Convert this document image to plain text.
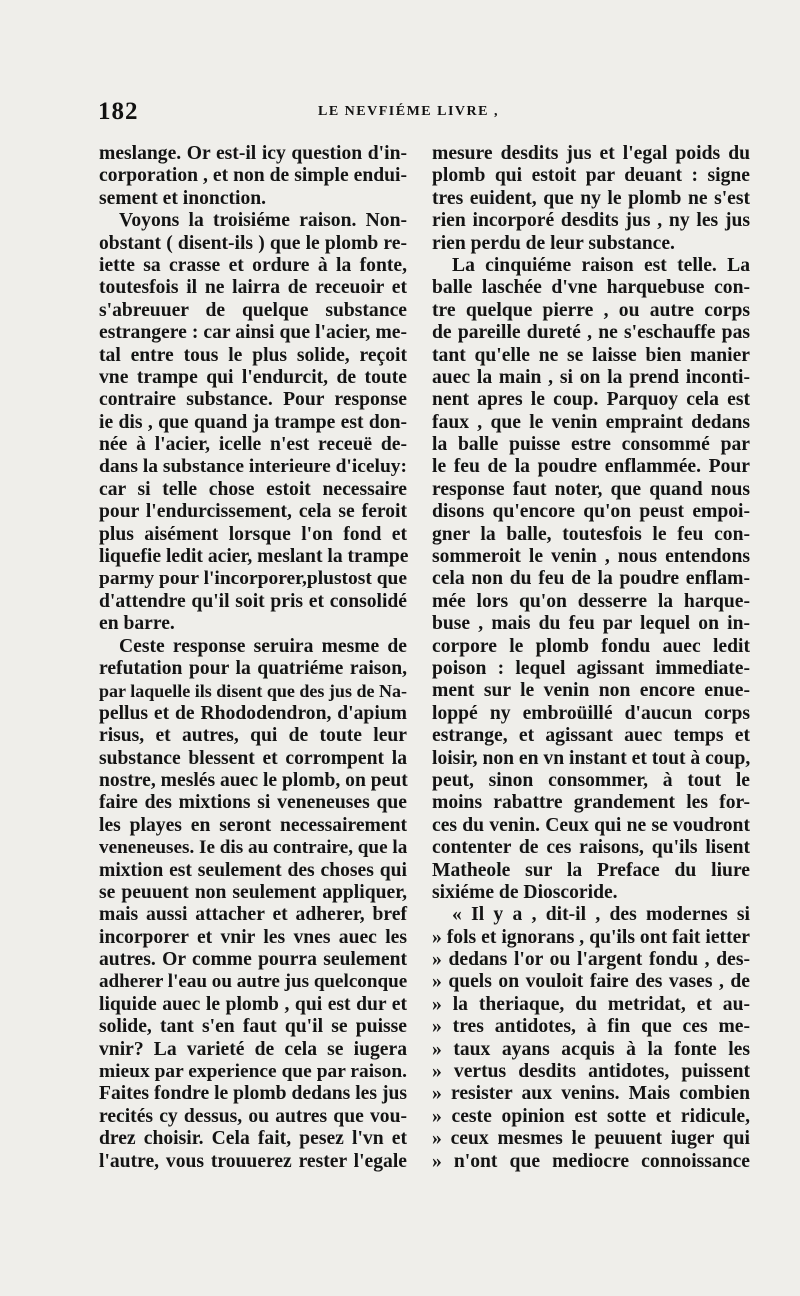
182	LE NEVFIÉME LIVRE ,
meslange. Or est-il icy question d'in-
corporation , et non de simple endui-
sement et inonction.
Voyons la troisiéme raison. Non-
obstant ( disent-ils ) que le plomb re-
iette sa crasse et ordure à la fonte,
toutesfois il ne lairra de receuoir et
s'abreuuer de quelque substance
estrangere : car ainsi que l'acier, me-
tal entre tous le plus solide, reçoit
vne trampe qui l'endurcit, de toute
contraire substance. Pour response
ie dis , que quand ja trampe est don-
née à l'acier, icelle n'est receuë de-
dans la substance interieure d'iceluy:
car si telle chose estoit necessaire
pour l'endurcissement, cela se feroit
plus aisément lorsque l'on fond et
liquefie ledit acier, meslant la trampe
parmy pour l'incorporer,plustost que
d'attendre qu'il soit pris et consolidé
en barre.
Ceste response seruira mesme de
refutation pour la quatriéme raison,
par laquelle ils disent que des jus de Na-
pellus et de Rhododendron, d'apium
risus, et autres, qui de toute leur
substance blessent et corrompent la
nostre, meslés auec le plomb, on peut
faire des mixtions si veneneuses que
les playes en seront necessairement
veneneuses. Ie dis au contraire, que la
mixtion est seulement des choses qui
se peuuent non seulement appliquer,
mais aussi attacher et adherer, bref
incorporer et vnir les vnes auec les
autres. Or comme pourra seulement
adherer l'eau ou autre jus quelconque
liquide auec le plomb , qui est dur et
solide, tant s'en faut qu'il se puisse
vnir? La varieté de cela se iugera
mieux par experience que par raison.
Faites fondre le plomb dedans les jus
recités cy dessus, ou autres que vou-
drez choisir. Cela fait, pesez l'vn et
l'autre, vous trouuerez rester l'egale
mesure desdits jus et l'egal poids du
plomb qui estoit par deuant : signe
tres euident, que ny le plomb ne s'est
rien incorporé desdits jus , ny les jus
rien perdu de leur substance.
La cinquiéme raison est telle. La
balle laschée d'vne harquebuse con-
tre quelque pierre , ou autre corps
de pareille dureté , ne s'eschauffe pas
tant qu'elle ne se laisse bien manier
auec la main , si on la prend inconti-
nent apres le coup. Parquoy cela est
faux , que le venin empraint dedans
la balle puisse estre consommé par
le feu de la poudre enflammée. Pour
response faut noter, que quand nous
disons qu'encore qu'on peust empoi-
gner la balle, toutesfois le feu con-
sommeroit le venin , nous entendons
cela non du feu de la poudre enflam-
mée lors qu'on desserre la harque-
buse , mais du feu par lequel on in-
corpore le plomb fondu auec ledit
poison : lequel agissant immediate-
ment sur le venin non encore enue-
loppé ny embroüillé d'aucun corps
estrange, et agissant auec temps et
loisir, non en vn instant et tout à coup,
peut, sinon consommer, à tout le
moins rabattre grandement les for-
ces du venin. Ceux qui ne se voudront
contenter de ces raisons, qu'ils lisent
Matheole sur la Preface du liure
sixiéme de Dioscoride.
« Il y a , dit-il , des modernes si
» fols et ignorans , qu'ils ont fait ietter
» dedans l'or ou l'argent fondu , des-
» quels on vouloit faire des vases , de
» la theriaque, du metridat, et au-
» tres antidotes, à fin que ces me-
» taux ayans acquis à la fonte les
» vertus desdits antidotes, puissent
» resister aux venins. Mais combien
» ceste opinion est sotte et ridicule,
» ceux mesmes le peuuent iuger qui
» n'ont que mediocre connoissance
